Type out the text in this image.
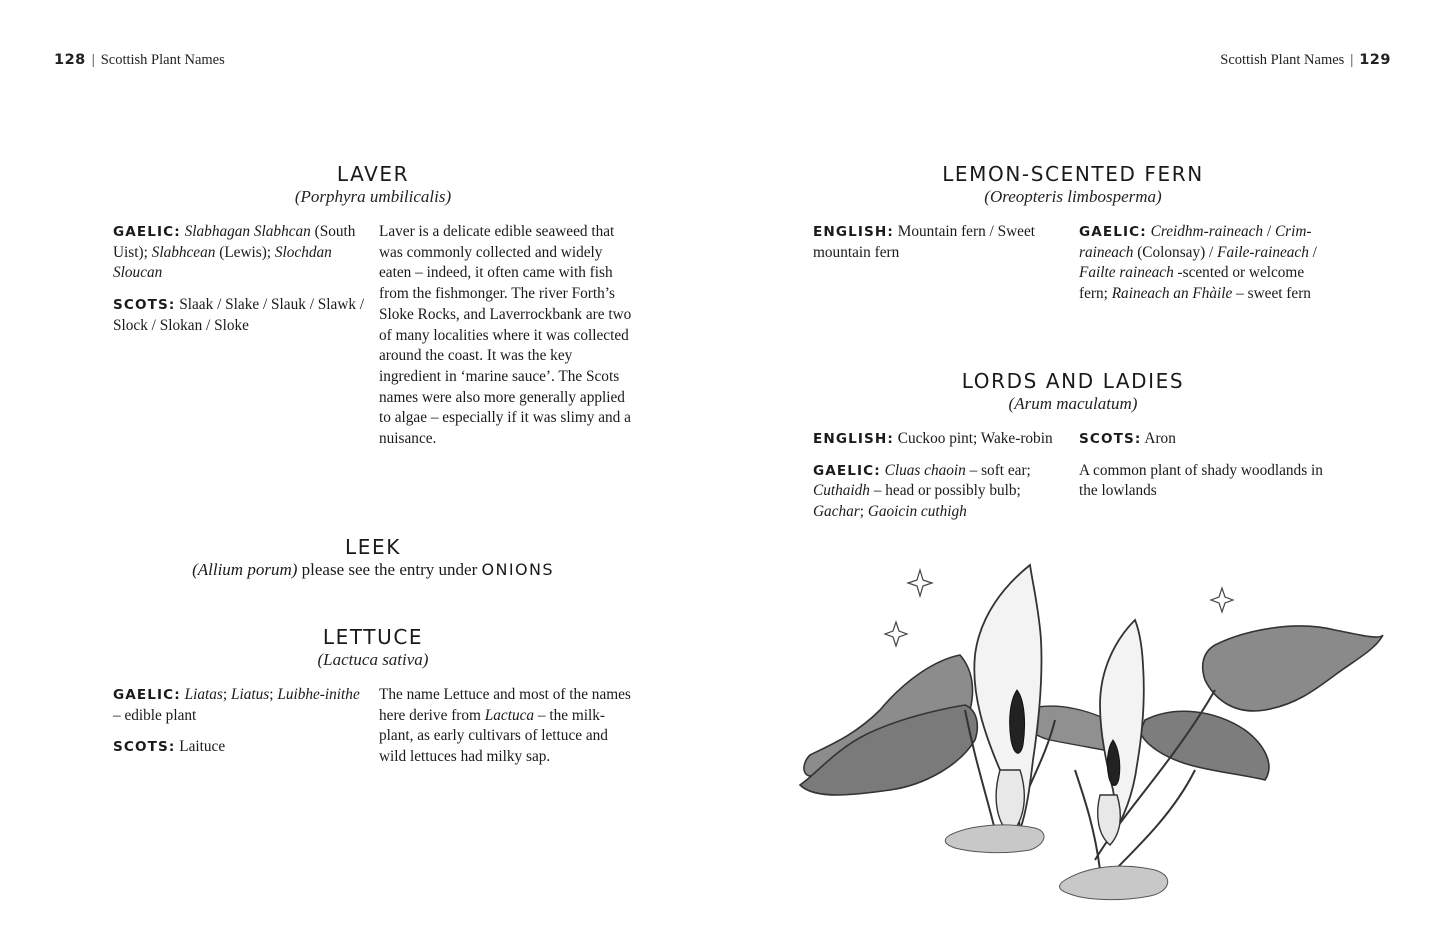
128 | Scottish Plant Names	Scottish Plant Names | 129
LAVER
(Porphyra umbilicalis)

GAELIC: Slabhagan Slabhcan (South Uist); Slabhcean (Lewis); Slochdan Sloucan

SCOTS: Slaak / Slake / Slauk / Slawk / Slock / Slokan / Sloke

Laver is a delicate edible seaweed that was commonly collected and widely eaten – indeed, it often came with fish from the fishmonger. The river Forth’s Sloke Rocks, and Laverrockbank are two of many localities where it was collected around the coast. It was the key ingredient in ‘marine sauce’. The Scots names were also more generally applied to algae – especially if it was slimy and a nuisance.

LEEK
(Allium porum) please see the entry under ONIONS
LETTUCE
(Lactuca sativa)

GAELIC: Liatas; Liatus; Luibhe-inithe – edible plant

SCOTS: Laituce

The name Lettuce and most of the names here derive from Lactuca – the milk-plant, as early cultivars of lettuce and wild lettuces had milky sap.

LEMON-SCENTED FERN
(Oreopteris limbosperma)

ENGLISH: Mountain fern / Sweet mountain fern

GAELIC: Creidhm-raineach / Crim-raineach (Colonsay) / Faile-raineach / Failte raineach -scented or welcome fern; Raineach an Fhàile – sweet fern

LORDS AND LADIES
(Arum maculatum)

ENGLISH: Cuckoo pint; Wake-robin

GAELIC: Cluas chaoin – soft ear; Cuthaidh – head or possibly bulb; Gachar; Gaoicin cuthigh

SCOTS: Aron

A common plant of shady woodlands in the lowlands
